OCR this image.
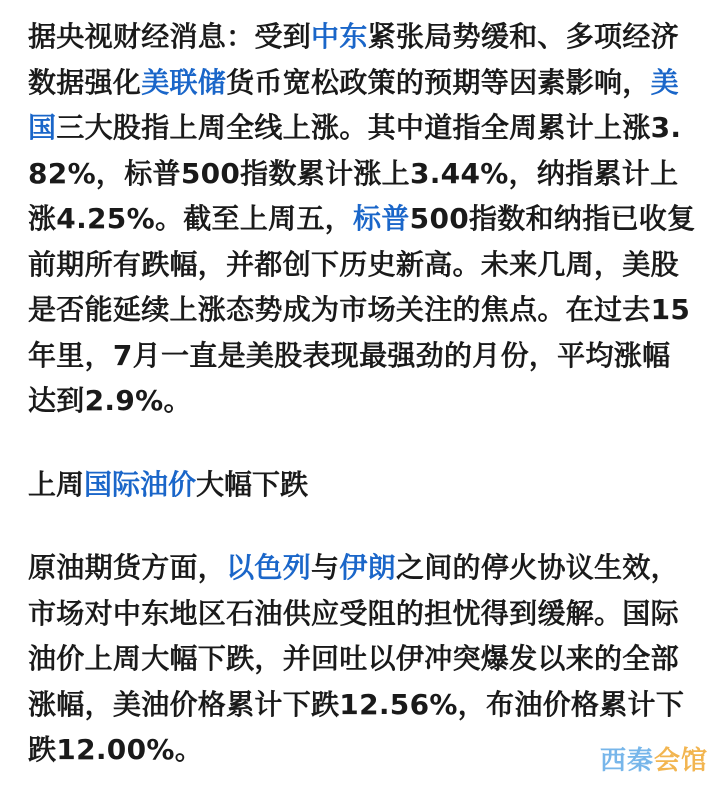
据央视财经消息：受到中东紧张局势缓和、多项经济数据强化美联储货币宽松政策的预期等因素影响，美国三大股指上周全线上涨。其中道指全周累计上涨3.82%，标普500指数累计涨上3.44%，纳指累计上涨4.25%。截至上周五，标普500指数和纳指已收复前期所有跌幅，并都创下历史新高。未来几周，美股是否能延续上涨态势成为市场关注的焦点。在过去15年里，7月一直是美股表现最强劲的月份，平均涨幅达到2.9%。

上周国际油价大幅下跌

原油期货方面，以色列与伊朗之间的停火协议生效，市场对中东地区石油供应受阻的担忧得到缓解。国际油价上周大幅下跌，并回吐以伊冲突爆发以来的全部涨幅，美油价格累计下跌12.56%，布油价格累计下跌12.00%。	西秦 会馆
